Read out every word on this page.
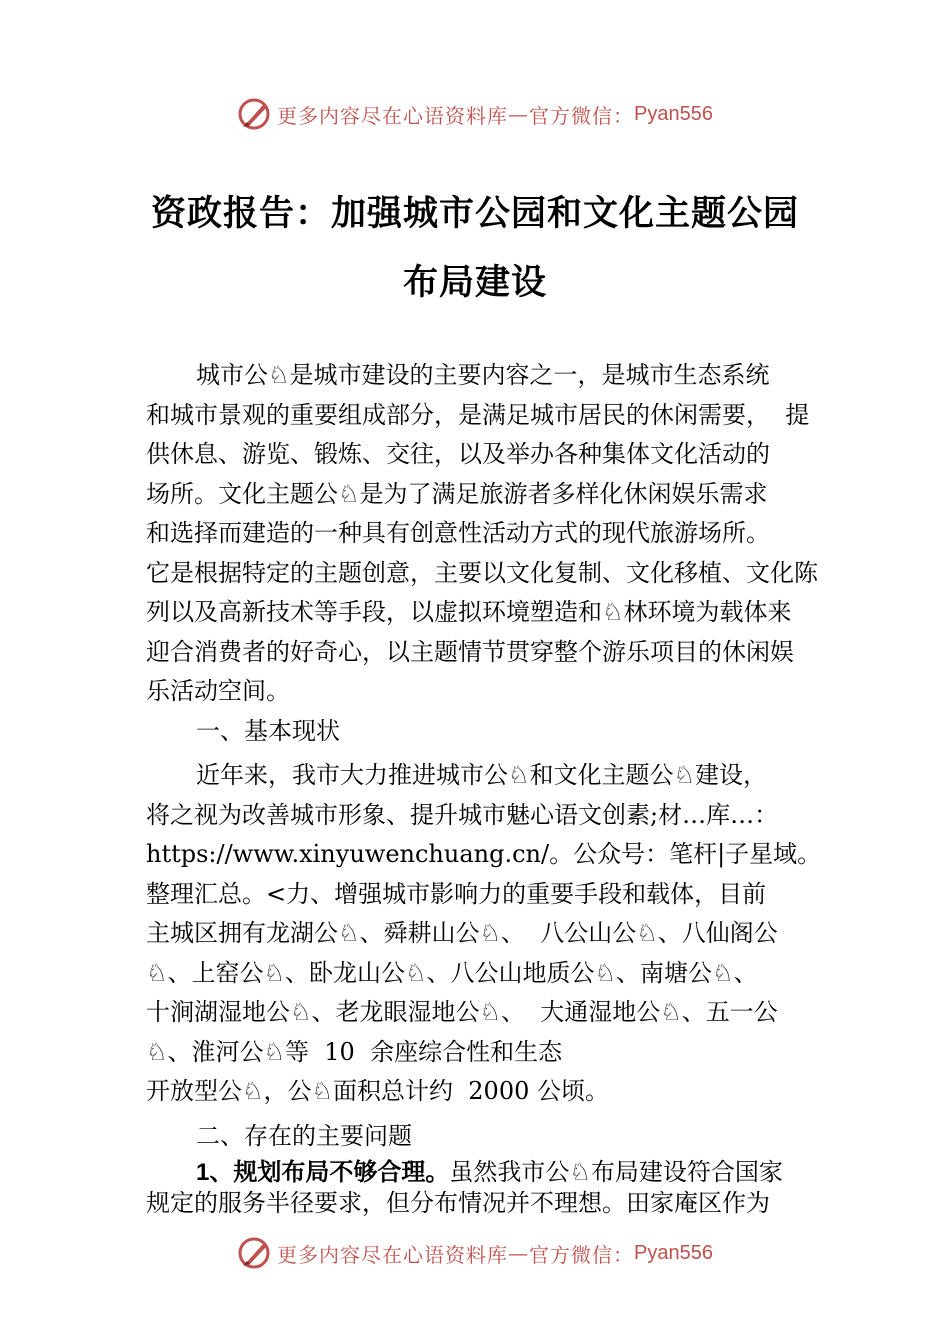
更多内容尽在心语资料库 — 官方微信： Pyan556
资政报告：加强城市公园和文化主题公园
布局建设
城市公♘是城市建设的主要内容之一，是城市生态系统
和城市景观的重要组成部分，是满足城市居民的休闲需要，  提
供休息、游览、锻炼、交往，以及举办各种集体文化活动的
场所。文化主题公♘是为了满足旅游者多样化休闲娱乐需求
和选择而建造的一种具有创意性活动方式的现代旅游场所。
它是根据特定的主题创意，主要以文化复制、文化移植、文化陈
列以及高新技术等手段，以虚拟环境塑造和♘林环境为载体来
迎合消费者的好奇心，以主题情节贯穿整个游乐项目的休闲娱
乐活动空间。
一、基本现状
近年来，我市大力推进城市公♘和文化主题公♘建设，
将之视为改善城市形象、提升城市魅心语文创素;材…库…：
https://www.xinyuwenchuang.cn/。公众号：笔杆|子星域。
整理汇总。<力、增强城市影响力的重要手段和载体，目前
主城区拥有龙湖公♘、舜耕山公♘、  八公山公♘、八仙阁公
♘、上窑公♘、卧龙山公♘、八公山地质公♘、南塘公♘、
十涧湖湿地公♘、老龙眼湿地公♘、  大通湿地公♘、五一公
♘、淮河公♘等  10  余座综合性和生态
开放型公♘，公♘面积总计约  2000 公顷。
二、存在的主要问题
1、规划布局不够合理。虽然我市公♘布局建设符合国家
规定的服务半径要求，但分布情况并不理想。田家庵区作为
更多内容尽在心语资料库 — 官方微信： Pyan556
